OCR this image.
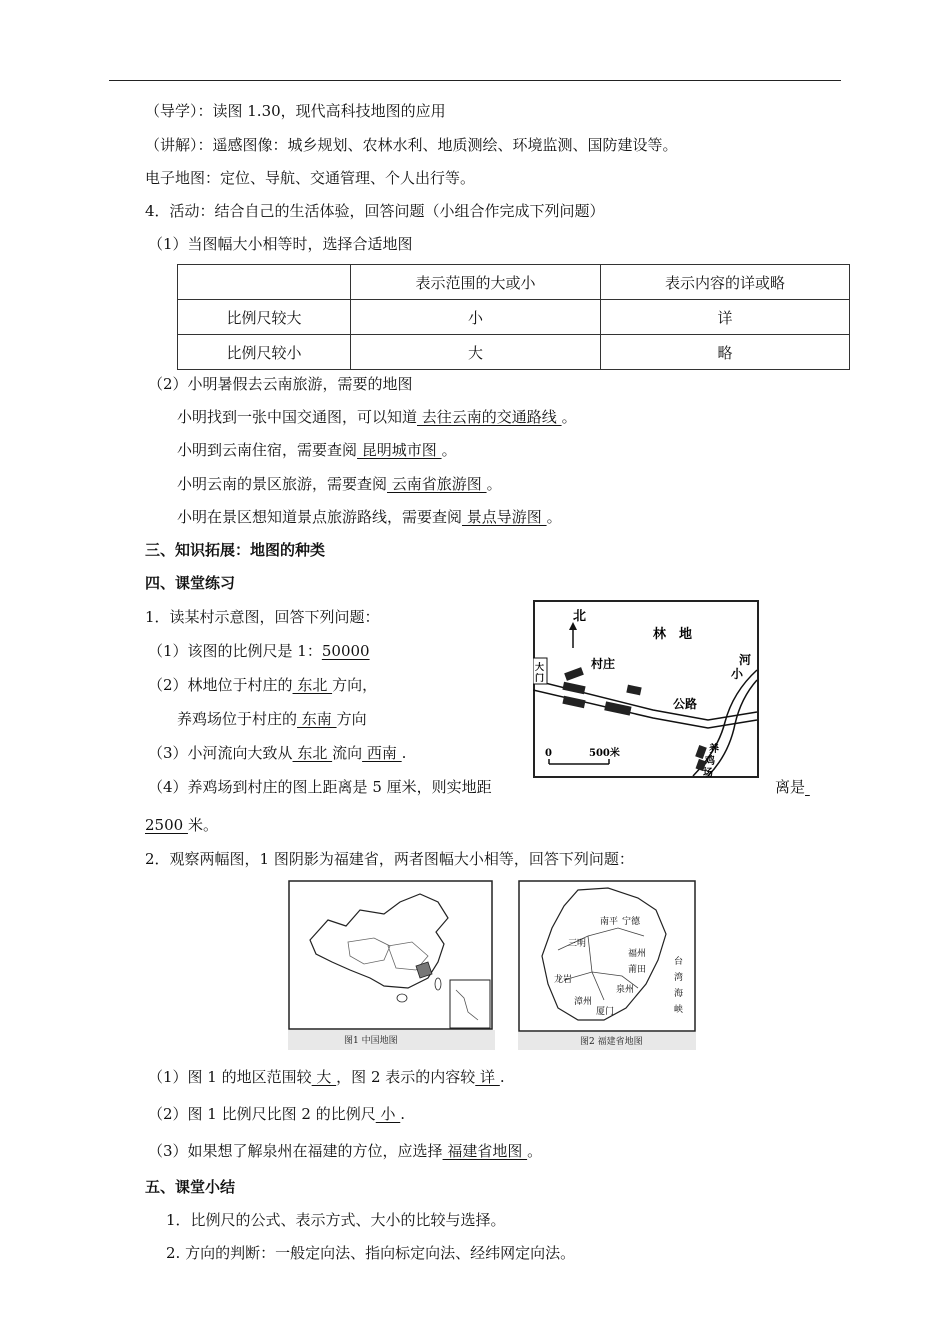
（导学）：读图 1.30，现代高科技地图的应用
（讲解）：遥感图像：城乡规划、农林水利、地质测绘、环境监测、国防建设等。
电子地图：定位、导航、交通管理、个人出行等。
4．活动：结合自己的生活体验，回答问题（小组合作完成下列问题）
（1）当图幅大小相等时，选择合适地图
	表示范围的大或小	表示内容的详或略
比例尺较大	小	详
比例尺较小	大	略
（2）小明暑假去云南旅游，需要的地图
小明找到一张中国交通图，可以知道 去往云南的交通路线 。
小明到云南住宿，需要查阅 昆明城市图 。
小明云南的景区旅游，需要查阅 云南省旅游图 。
小明在景区想知道景点旅游路线，需要查阅 景点导游图 。
三、知识拓展：地图的种类
四、课堂练习
1．读某村示意图，回答下列问题：
（1）该图的比例尺是 1：50000
（2）林地位于村庄的 东北 方向，
养鸡场位于村庄的 东南 方向
（3）小河流向大致从 东北 流向 西南 .
（4）养鸡场到村庄的图上距离是 5 厘米，则实地距	离是
2500 米。
北
林　地
小
河
村庄
公路
大
门
养
鸡
场
0	500米
2．观察两幅图，1 图阴影为福建省，两者图幅大小相等，回答下列问题：
图1 中国地图
南平 宁德
三明
福州
莆田
龙岩
泉州
漳州
厦门
台
湾
海
峡
图2 福建省地图
（1）图 1 的地区范围较 大 ，图 2 表示的内容较 详 .
（2）图 1 比例尺比图 2 的比例尺 小 .
（3）如果想了解泉州在福建的方位，应选择 福建省地图 。
五、课堂小结
1．比例尺的公式、表示方式、大小的比较与选择。
2. 方向的判断：一般定向法、指向标定向法、经纬网定向法。
